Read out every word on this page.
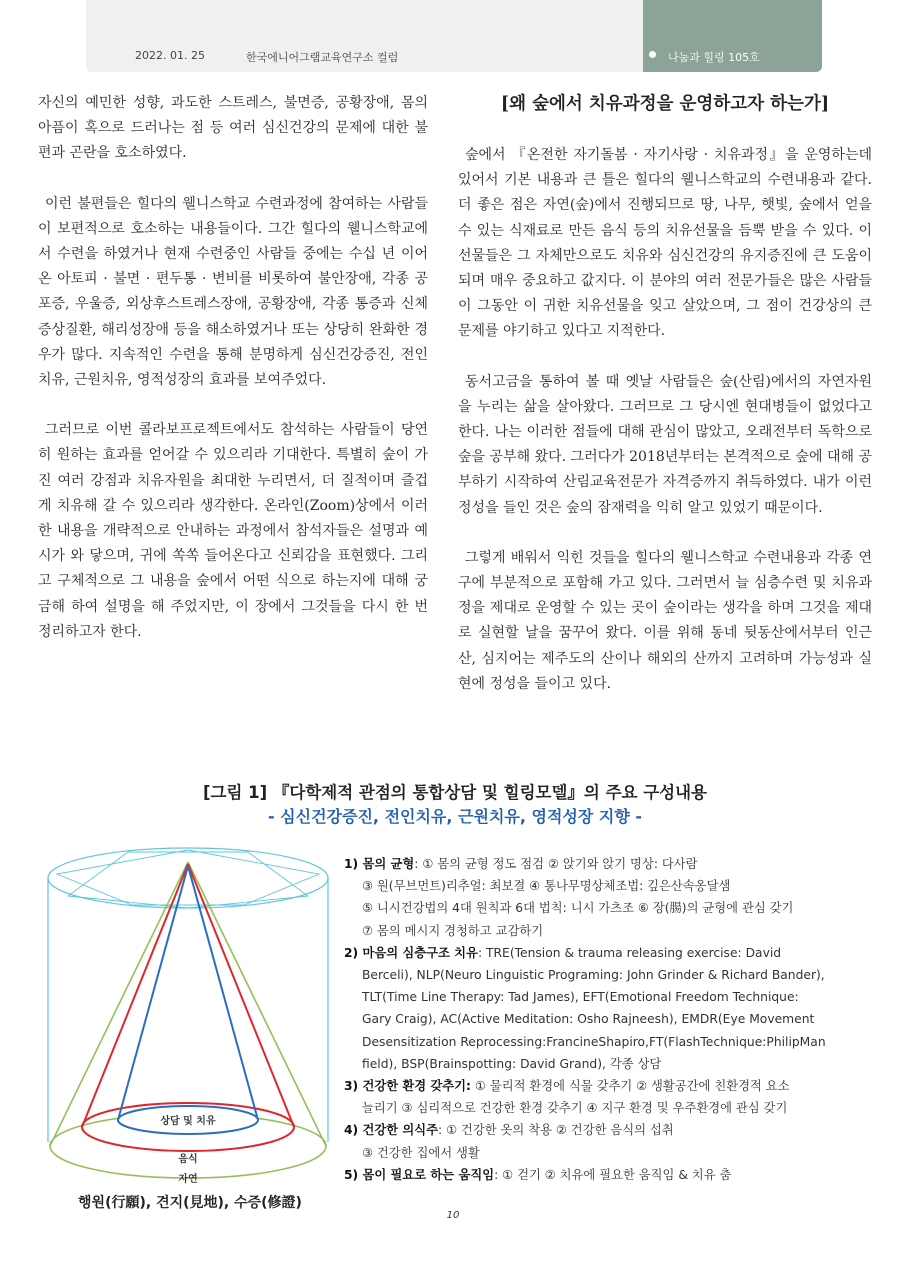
2022. 01. 25	한국에니어그램교육연구소 컬럼	나눔과 힐링 105호

자신의 예민한 성향, 과도한 스트레스, 불면증, 공황장애, 몸의 아픔이 혹으로 드러나는 점 등 여러 심신건강의 문제에 대한 불편과 곤란을 호소하였다.

이런 불편들은 힐다의 웰니스학교 수련과정에 참여하는 사람들이 보편적으로 호소하는 내용들이다. 그간 힐다의 웰니스학교에서 수련을 하였거나 현재 수련중인 사람들 중에는 수십 년 이어온 아토피 · 불면 · 편두통 · 변비를 비롯하여 불안장애, 각종 공포증, 우울증, 외상후스트레스장애, 공황장애, 각종 통증과 신체증상질환, 해리성장애 등을 해소하였거나 또는 상당히 완화한 경우가 많다. 지속적인 수련을 통해 분명하게 심신건강증진, 전인치유, 근원치유, 영적성장의 효과를 보여주었다.

그러므로 이번 콜라보프로젝트에서도 참석하는 사람들이 당연히 원하는 효과를 얻어갈 수 있으리라 기대한다. 특별히 숲이 가진 여러 강점과 치유자원을 최대한 누리면서, 더 질적이며 즐겁게 치유해 갈 수 있으리라 생각한다. 온라인(Zoom)상에서 이러한 내용을 개략적으로 안내하는 과정에서 참석자들은 설명과 예시가 와 닿으며, 귀에 쏙쏙 들어온다고 신뢰감을 표현했다. 그리고 구체적으로 그 내용을 숲에서 어떤 식으로 하는지에 대해 궁금해 하여 설명을 해 주었지만, 이 장에서 그것들을 다시 한 번 정리하고자 한다.

[왜 숲에서 치유과정을 운영하고자 하는가]

숲에서 『온전한 자기돌봄 · 자기사랑 · 치유과정』을 운영하는데 있어서 기본 내용과 큰 틀은 힐다의 웰니스학교의 수련내용과 같다. 더 좋은 점은 자연(숲)에서 진행되므로 땅, 나무, 햇빛, 숲에서 얻을 수 있는 식재료로 만든 음식 등의 치유선물을 듬뿍 받을 수 있다. 이 선물들은 그 자체만으로도 치유와 심신건강의 유지증진에 큰 도움이 되며 매우 중요하고 값지다. 이 분야의 여러 전문가들은 많은 사람들이 그동안 이 귀한 치유선물을 잊고 살았으며, 그 점이 건강상의 큰 문제를 야기하고 있다고 지적한다.

동서고금을 통하여 볼 때 옛날 사람들은 숲(산림)에서의 자연자원을 누리는 삶을 살아왔다. 그러므로 그 당시엔 현대병들이 없었다고 한다. 나는 이러한 점들에 대해 관심이 많았고, 오래전부터 독학으로 숲을 공부해 왔다. 그러다가 2018년부터는 본격적으로 숲에 대해 공부하기 시작하여 산림교육전문가 자격증까지 취득하였다. 내가 이런 정성을 들인 것은 숲의 잠재력을 익히 알고 있었기 때문이다.

그렇게 배워서 익힌 것들을 힐다의 웰니스학교 수련내용과 각종 연구에 부분적으로 포함해 가고 있다. 그러면서 늘 심층수련 및 치유과정을 제대로 운영할 수 있는 곳이 숲이라는 생각을 하며 그것을 제대로 실현할 날을 꿈꾸어 왔다. 이를 위해 동네 뒷동산에서부터 인근 산, 심지어는 제주도의 산이나 해외의 산까지 고려하며 가능성과 실현에 정성을 들이고 있다.

[그림 1] 『다학제적 관점의 통합상담 및 힐링모델』의 주요 구성내용
- 심신건강증진, 전인치유, 근원치유, 영적성장 지향 -
상담 및 치유
음식
자연
행원(行願), 견지(見地), 수증(修證)
1) 몸의 균형: ① 몸의 균형 정도 점검 ② 앉기와 앉기 명상: 다사람
③ 원(무브먼트)리추얼: 최보결 ④ 통나무명상체조법: 깊은산속옹달샘
⑤ 니시건강법의 4대 원칙과 6대 법칙: 니시 가츠조 ⑥ 장(腸)의 균형에 관심 갖기
⑦ 몸의 메시지 경청하고 교감하기
2) 마음의 심층구조 치유: TRE(Tension & trauma releasing exercise: David
Berceli), NLP(Neuro Linguistic Programing: John Grinder & Richard Bander),
TLT(Time Line Therapy: Tad James), EFT(Emotional Freedom Technique:
Gary Craig), AC(Active Meditation: Osho Rajneesh), EMDR(Eye Movement
Desensitization Reprocessing:FrancineShapiro,FT(FlashTechnique:PhilipMan
field), BSP(Brainspotting: David Grand), 각종 상담
3) 건강한 환경 갖추기: ① 물리적 환경에 식물 갖추기 ② 생활공간에 친환경적 요소
늘리기 ③ 심리적으로 건강한 환경 갖추기 ④ 지구 환경 및 우주환경에 관심 갖기
4) 건강한 의식주: ① 건강한 옷의 착용 ② 건강한 음식의 섭취
③ 건강한 집에서 생활
5) 몸이 필요로 하는 움직임: ① 걷기 ② 치유에 필요한 움직임 & 치유 춤
10
